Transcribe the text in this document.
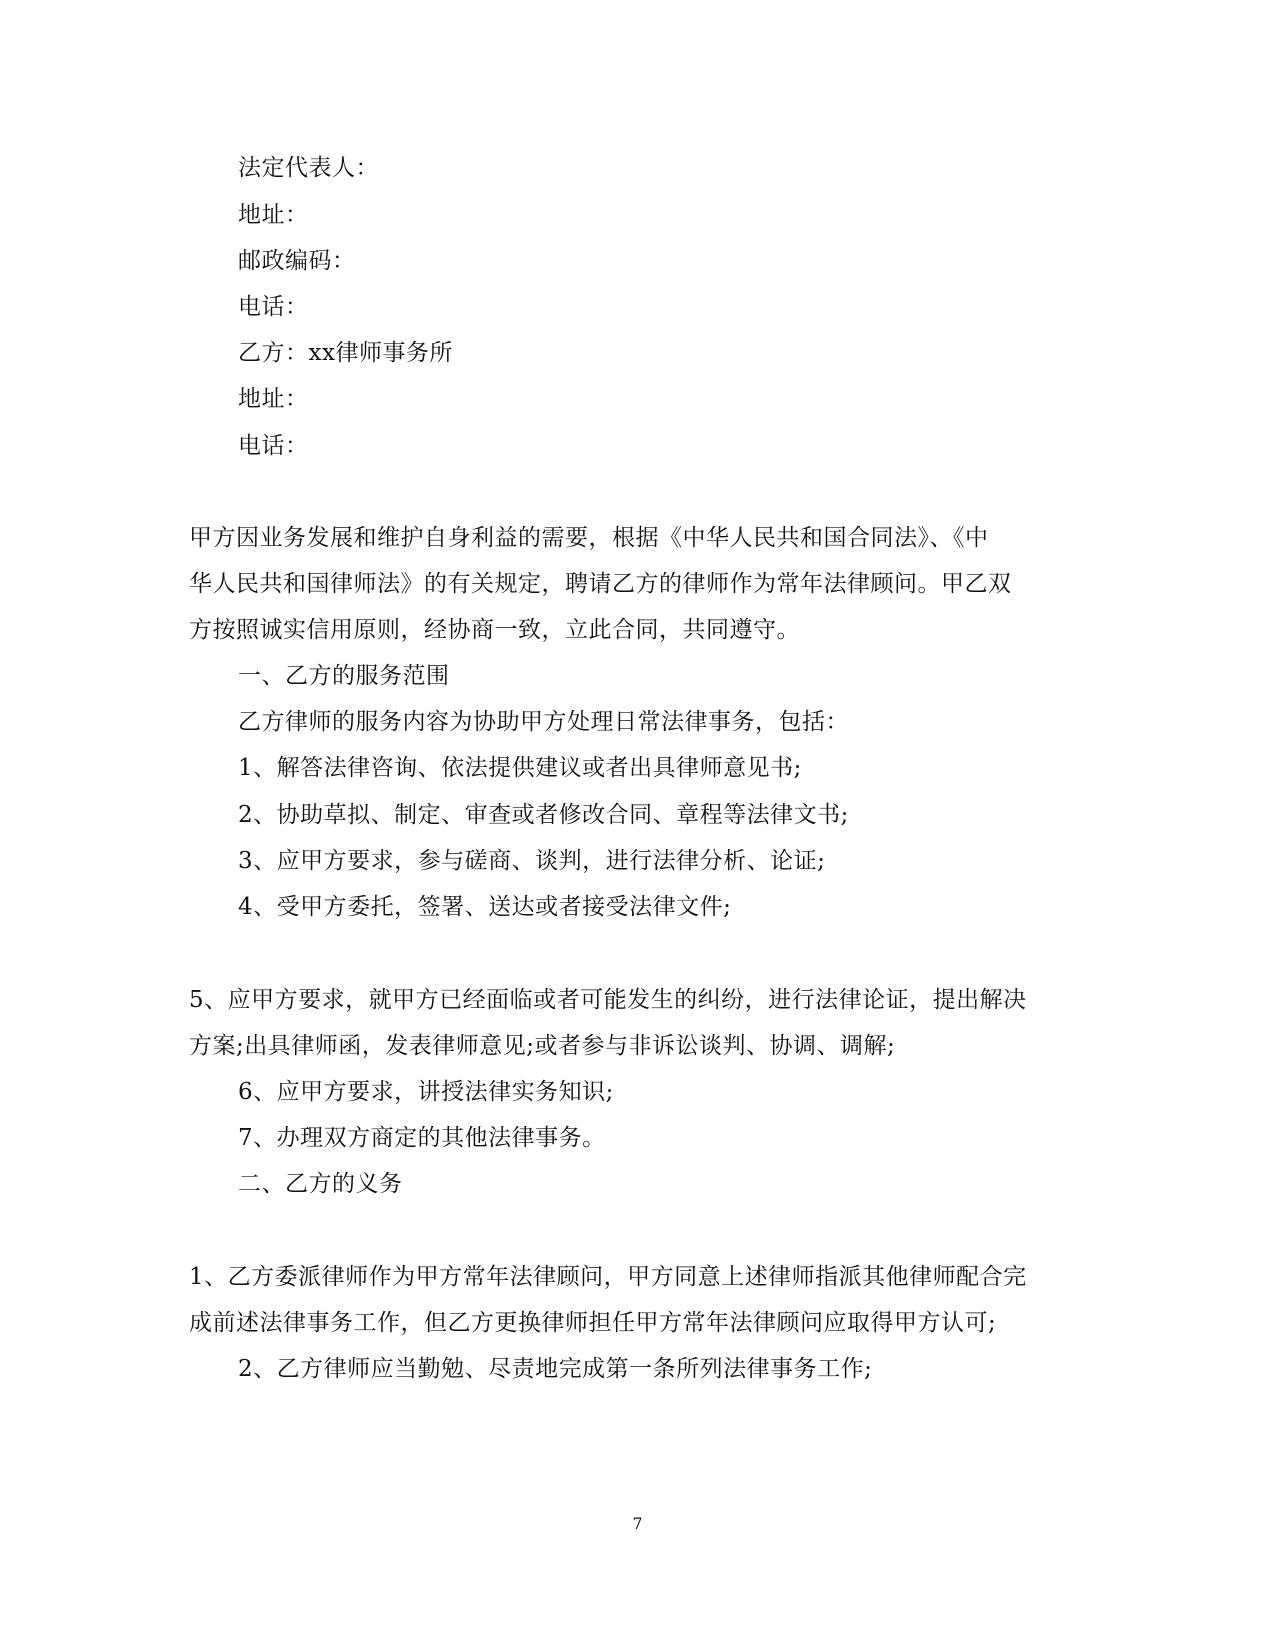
法定代表人：
地址：
邮政编码：
电话：
乙方：xx律师事务所
地址：
电话：
甲方因业务发展和维护自身利益的需要，根据《中华人民共和国合同法》、《中
华人民共和国律师法》的有关规定，聘请乙方的律师作为常年法律顾问。甲乙双
方按照诚实信用原则，经协商一致，立此合同，共同遵守。
一、乙方的服务范围
乙方律师的服务内容为协助甲方处理日常法律事务，包括：
1、解答法律咨询、依法提供建议或者出具律师意见书;
2、协助草拟、制定、审查或者修改合同、章程等法律文书;
3、应甲方要求，参与磋商、谈判，进行法律分析、论证;
4、受甲方委托，签署、送达或者接受法律文件;
5、应甲方要求，就甲方已经面临或者可能发生的纠纷，进行法律论证，提出解决
方案;出具律师函，发表律师意见;或者参与非诉讼谈判、协调、调解;
6、应甲方要求，讲授法律实务知识;
7、办理双方商定的其他法律事务。
二、乙方的义务
1、乙方委派律师作为甲方常年法律顾问，甲方同意上述律师指派其他律师配合完
成前述法律事务工作，但乙方更换律师担任甲方常年法律顾问应取得甲方认可;
2、乙方律师应当勤勉、尽责地完成第一条所列法律事务工作;
7
